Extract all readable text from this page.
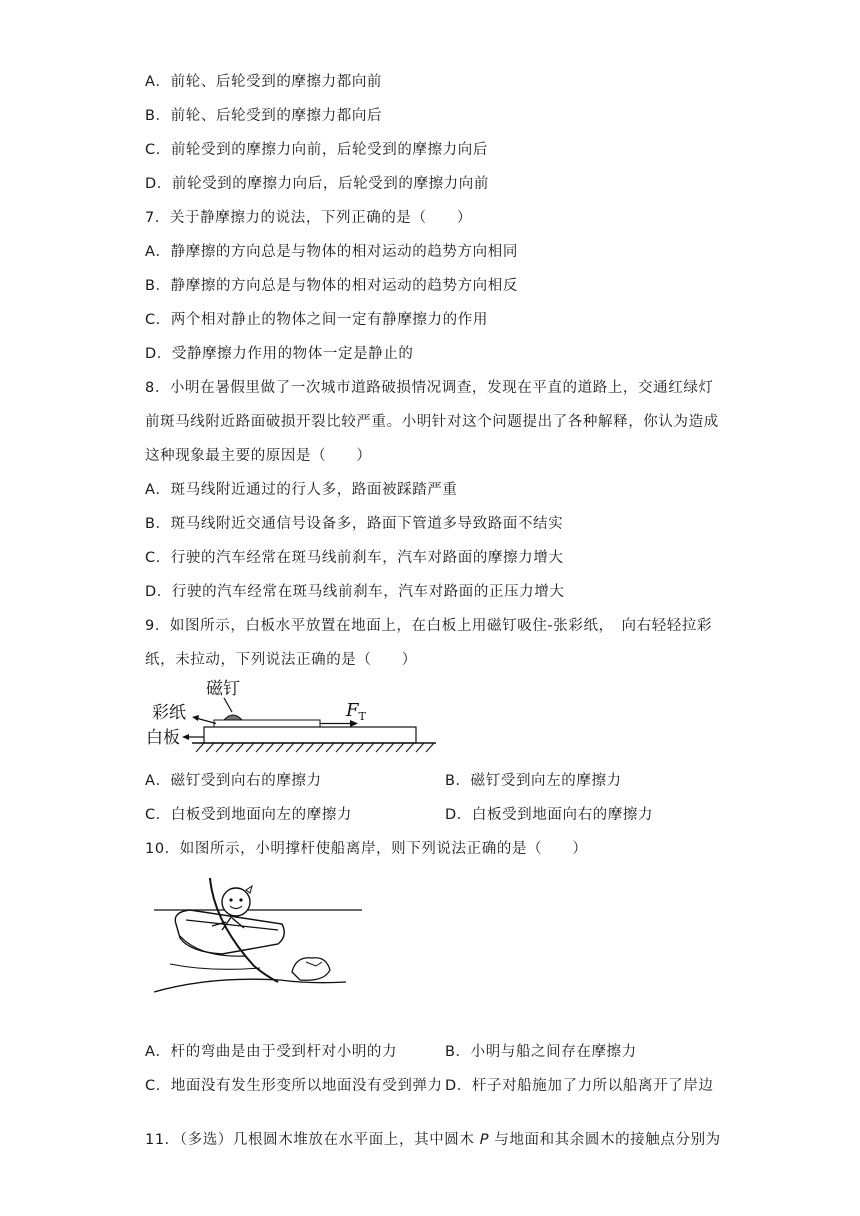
A．前轮、后轮受到的摩擦力都向前
B．前轮、后轮受到的摩擦力都向后
C．前轮受到的摩擦力向前，后轮受到的摩擦力向后
D．前轮受到的摩擦力向后，后轮受到的摩擦力向前
7．关于静摩擦力的说法，下列正确的是（　　）
A．静摩擦的方向总是与物体的相对运动的趋势方向相同
B．静摩擦的方向总是与物体的相对运动的趋势方向相反
C．两个相对静止的物体之间一定有静摩擦力的作用
D．受静摩擦力作用的物体一定是静止的
8．小明在暑假里做了一次城市道路破损情况调查，发现在平直的道路上，交通红绿灯
前斑马线附近路面破损开裂比较严重。小明针对这个问题提出了各种解释，你认为造成
这种现象最主要的原因是（　　）
A．斑马线附近通过的行人多，路面被踩踏严重
B．斑马线附近交通信号设备多，路面下管道多导致路面不结实
C．行驶的汽车经常在斑马线前刹车，汽车对路面的摩擦力增大
D．行驶的汽车经常在斑马线前刹车，汽车对路面的正压力增大
9．如图所示，白板水平放置在地面上，在白板上用磁钉吸住-张彩纸，　向右轻轻拉彩
纸，未拉动，下列说法正确的是（　　）
磁钉
彩纸
白板
$F_T$
A．磁钉受到向右的摩擦力	B．磁钉受到向左的摩擦力
C．白板受到地面向左的摩擦力	D．白板受到地面向右的摩擦力
10．如图所示，小明撑杆使船离岸，则下列说法正确的是（　　）
A．杆的弯曲是由于受到杆对小明的力	B．小明与船之间存在摩擦力
C．地面没有发生形变所以地面没有受到弹力 D．杆子对船施加了力所以船离开了岸边
11．（多选）几根圆木堆放在水平面上，其中圆木 P 与地面和其余圆木的接触点分别为
